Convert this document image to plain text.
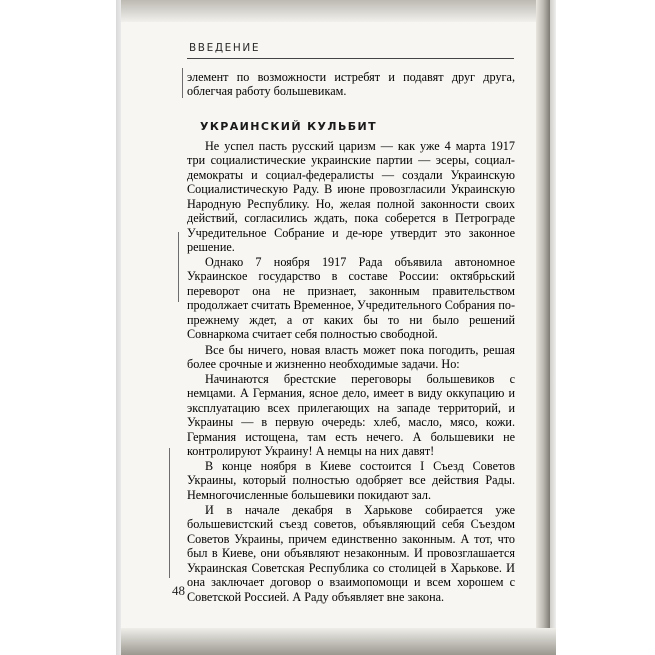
ВВЕДЕНИЕ

элемент по возможности истребят и подавят друг друга, облегчая работу большевикам.

УКРАИНСКИЙ КУЛЬБИТ

Не успел пасть русский царизм — как уже 4 марта 1917 три социалистические украинские партии — эсеры, социал-демократы и социал-федералисты — создали Украинскую Социалистическую Раду. В июне провозгласили Украинскую Народную Республику. Но, желая полной законности своих действий, согласились ждать, пока соберется в Петрограде Учредительное Собрание и де-юре утвердит это законное решение.

Однако 7 ноября 1917 Рада объявила автономное Украинское государство в составе России: октябрьский переворот она не признает, законным правительством продолжает считать Временное, Учредительного Собрания по-прежнему ждет, а от каких бы то ни было решений Совнаркома считает себя полностью свободной.

Все бы ничего, новая власть может пока погодить, решая более срочные и жизненно необходимые задачи. Но:

Начинаются брестские переговоры большевиков с немцами. А Германия, ясное дело, имеет в виду оккупацию и эксплуатацию всех прилегающих на западе территорий, и Украины — в первую очередь: хлеб, масло, мясо, кожи. Германия истощена, там есть нечего. А большевики не контролируют Украину! А немцы на них давят!

В конце ноября в Киеве состоится I Съезд Советов Украины, который полностью одобряет все действия Рады. Немногочисленные большевики покидают зал.

И в начале декабря в Харькове собирается уже большевистский съезд советов, объявляющий себя Съездом Советов Украины, причем единственно законным. А тот, что был в Киеве, они объявляют незаконным. И провозглашается Украинская Советская Республика со столицей в Харькове. И она заключает договор о взаимопомощи и всем хорошем с Советской Россией. А Раду объявляет вне закона.

48
